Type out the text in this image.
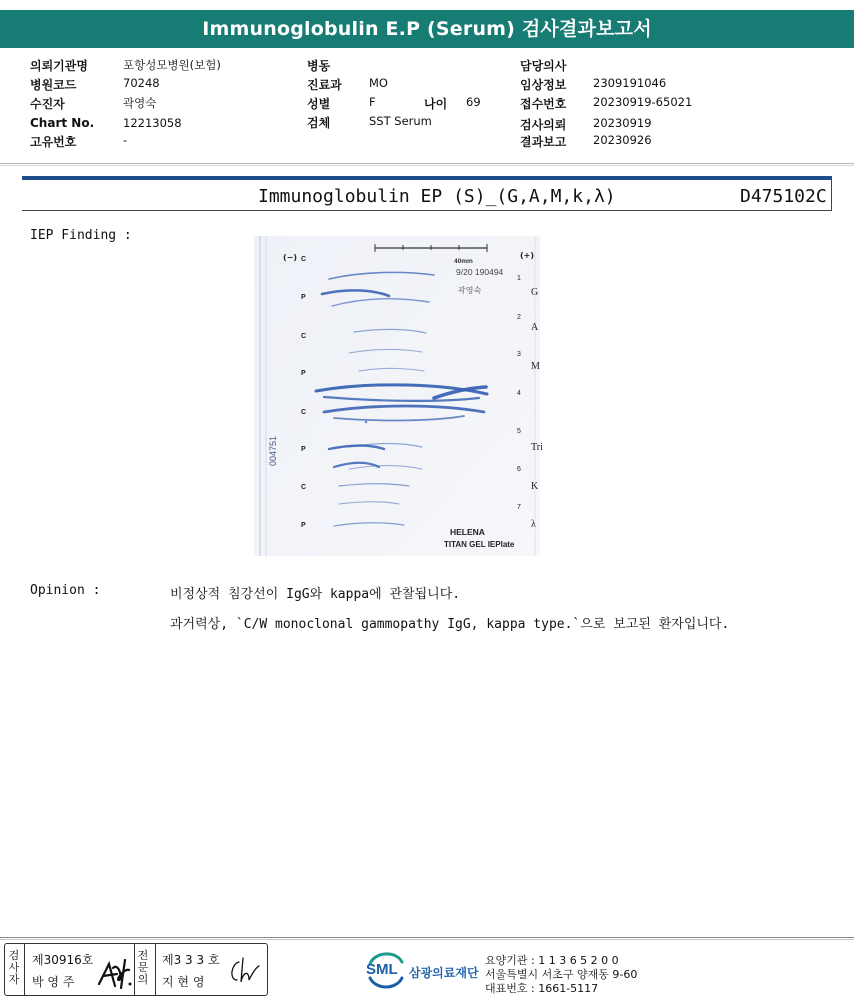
Immunoglobulin E.P (Serum) 검사결과보고서
의뢰기관명	포항성모병원(보험)
병원코드	70248
수진자	곽영숙
Chart No.	12213058
고유번호	-
병동
진료과 MO
성별	F	나이 69
검체	SST Serum
담당의사
임상정보 2309191046
접수번호 20230919-65021
검사의뢰 20230919
결과보고 20230926
Immunoglobulin EP (S)_(G,A,M,k,λ)	D475102C
IEP Finding :
40mm
9/20 190494
곽영숙
(−)	(+)
004751
C
P
C
P
C
P
C
P
1
2
3
4
5
6
7
G
A
M
Tri
K
λ
HELENA
TITAN GEL IEPlate
Opinion :	비정상적 침강선이 IgG와 kappa에 관찰됩니다.
과거력상, `C/W monoclonal gammopathy IgG, kappa type.`으로 보고된 환자입니다.
검
사
자
제30916호
박 영 주
전
문
의
제3 3 3 호
지 현 영
SML 삼광의료재단
요양기관 : 1 1 3 6 5 2 0 0
서울특별시 서초구 양재동 9-60
대표번호 : 1661-5117
